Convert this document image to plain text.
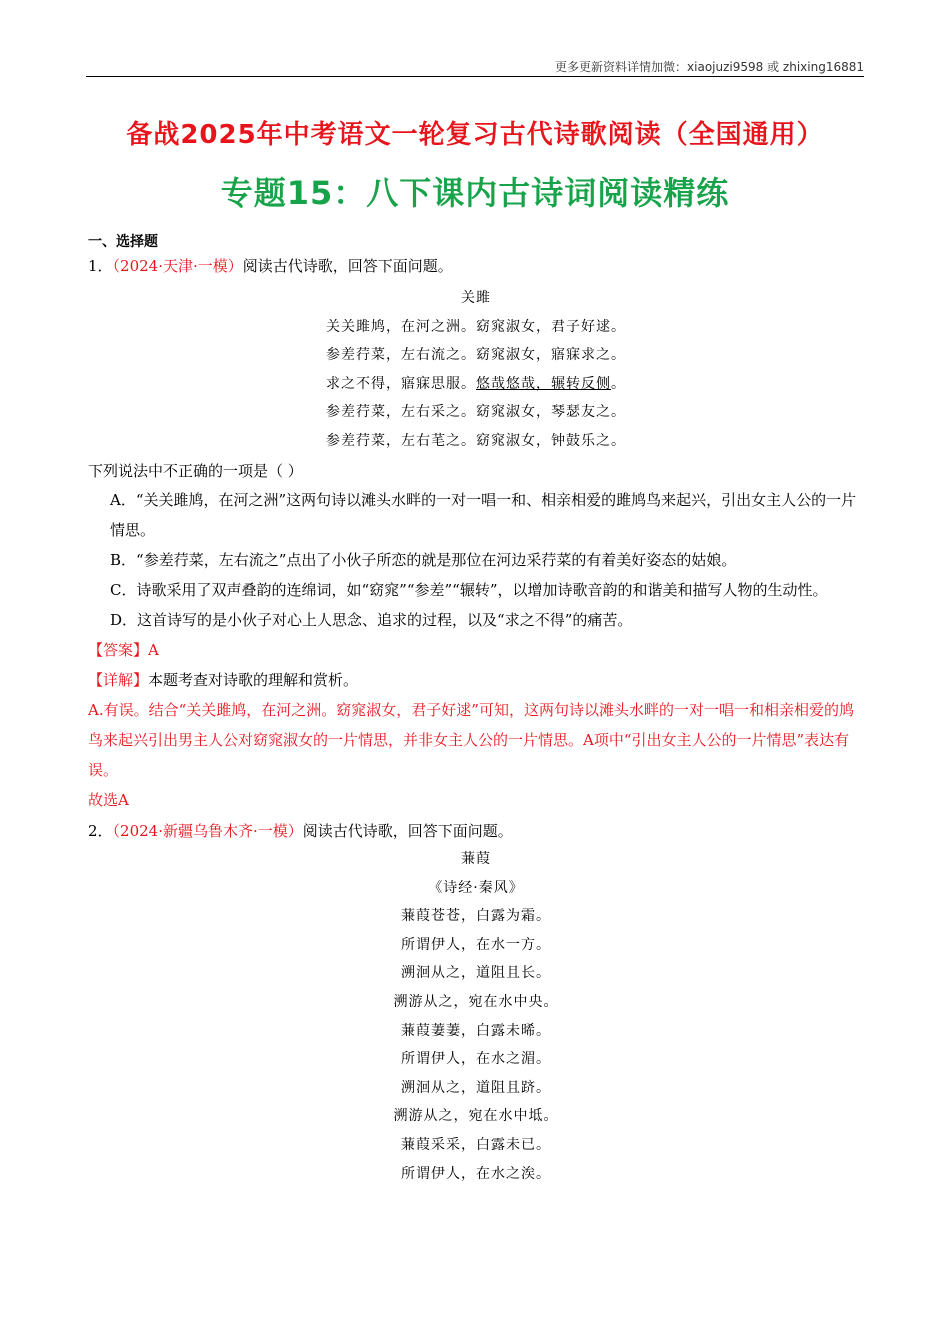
更多更新资料详情加微：xiaojuzi9598 或 zhixing16881
备战2025年中考语文一轮复习古代诗歌阅读（全国通用）
专题15：八下课内古诗词阅读精练
一、选择题
1．（2024·天津·一模）阅读古代诗歌，回答下面问题。
关雎
关关雎鸠，在河之洲。窈窕淑女，君子好逑。
参差荇菜，左右流之。窈窕淑女，寤寐求之。
求之不得，寤寐思服。悠哉悠哉，辗转反侧。
参差荇菜，左右采之。窈窕淑女，琴瑟友之。
参差荇菜，左右芼之。窈窕淑女，钟鼓乐之。
下列说法中不正确的一项是（ ）
A．“关关雎鸠，在河之洲”这两句诗以滩头水畔的一对一唱一和、相亲相爱的雎鸠鸟来起兴，引出女主人公的一片情思。
B．“参差荇菜，左右流之”点出了小伙子所恋的就是那位在河边采荇菜的有着美好姿态的姑娘。
C．诗歌采用了双声叠韵的连绵词，如“窈窕”“参差”“辗转”，以增加诗歌音韵的和谐美和描写人物的生动性。
D．这首诗写的是小伙子对心上人思念、追求的过程，以及“求之不得”的痛苦。
【答案】A
【详解】本题考查对诗歌的理解和赏析。
A.有误。结合“关关雎鸠，在河之洲。窈窕淑女，君子好逑”可知，这两句诗以滩头水畔的一对一唱一和相亲相爱的鸠鸟来起兴引出男主人公对窈窕淑女的一片情思，并非女主人公的一片情思。A项中“引出女主人公的一片情思”表达有误。
故选A
2．（2024·新疆乌鲁木齐·一模）阅读古代诗歌，回答下面问题。
蒹葭
《诗经·秦风》
蒹葭苍苍，白露为霜。
所谓伊人，在水一方。
溯洄从之，道阻且长。
溯游从之，宛在水中央。
蒹葭萋萋，白露未晞。
所谓伊人，在水之湄。
溯洄从之，道阻且跻。
溯游从之，宛在水中坻。
蒹葭采采，白露未已。
所谓伊人，在水之涘。
